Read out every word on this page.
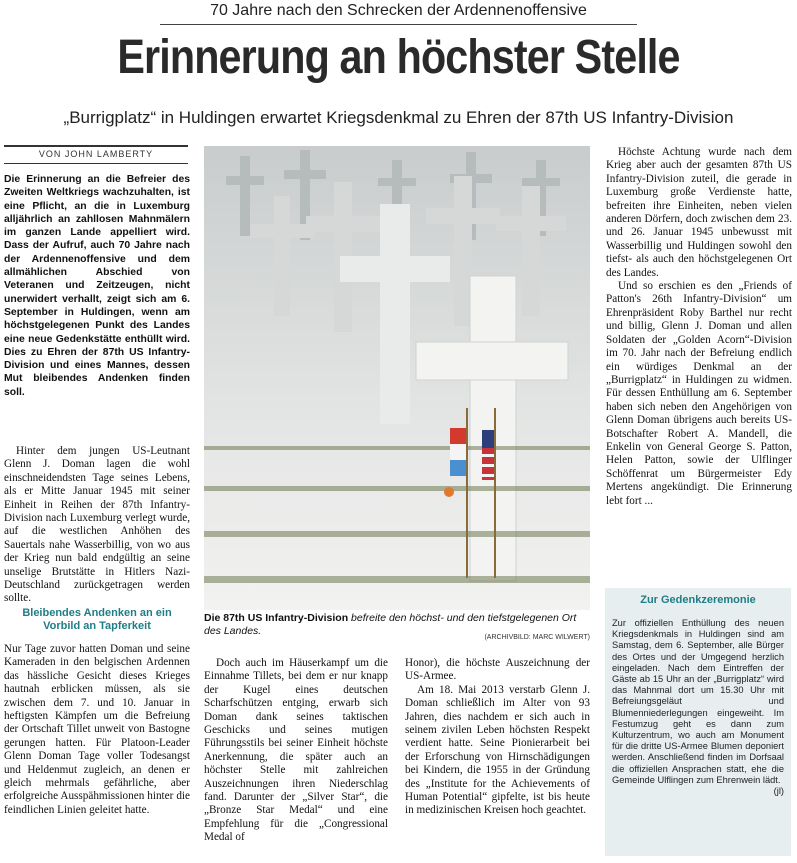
70 Jahre nach den Schrecken der Ardennenoffensive
Erinnerung an höchster Stelle
„Burrigplatz“ in Huldingen erwartet Kriegsdenkmal zu Ehren der 87th US Infantry-Division
VON JOHN LAMBERTY
Die Erinnerung an die Befreier des Zweiten Weltkriegs wachzuhalten, ist eine Pflicht, an die in Luxemburg alljährlich an zahllosen Mahnmälern im ganzen Lande appelliert wird. Dass der Aufruf, auch 70 Jahre nach der Ardennenoffensive und dem allmählichen Abschied von Veteranen und Zeitzeugen, nicht unerwidert verhallt, zeigt sich am 6. September in Huldingen, wenn am höchstgelegenen Punkt des Landes eine neue Gedenkstätte enthüllt wird. Dies zu Ehren der 87th US Infantry-Division und eines Mannes, dessen Mut bleibendes Andenken finden soll.

Hinter dem jungen US-Leutnant Glenn J. Doman lagen die wohl einschneidendsten Tage seines Lebens, als er Mitte Januar 1945 mit seiner Einheit in Reihen der 87th Infantry-Division nach Luxemburg verlegt wurde, auf die westlichen Anhöhen des Sauertals nahe Wasserbillig, von wo aus der Krieg nun bald endgültig an seine unselige Brutstätte in Hitlers Nazi-Deutschland zurückgetragen werden sollte.

Bleibendes Andenken an ein Vorbild an Tapferkeit

Nur Tage zuvor hatten Doman und seine Kameraden in den belgischen Ardennen das hässliche Gesicht dieses Krieges hautnah erblicken müssen, als sie zwischen dem 7. und 10. Januar in heftigsten Kämpfen um die Befreiung der Ortschaft Tillet unweit von Bastogne gerungen hatten. Für Platoon-Leader Glenn Doman Tage voller Todesangst und Heldenmut zugleich, an denen er gleich mehrmals gefährliche, aber erfolgreiche Ausspähmissionen hinter die feindlichen Linien geleitet hatte.

Die 87th US Infantry-Division befreite den höchst- und den tiefstgelegenen Ort des Landes.
(ARCHIVBILD: MARC WILWERT)

Doch auch im Häuserkampf um die Einnahme Tillets, bei dem er nur knapp der Kugel eines deutschen Scharfschützen entging, erwarb sich Doman dank seines taktischen Geschicks und seines mutigen Führungsstils bei seiner Einheit höchste Anerkennung, die später auch an höchster Stelle mit zahlreichen Auszeichnungen ihren Niederschlag fand. Darunter der „Silver Star“, die „Bronze Star Medal“ und eine Empfehlung für die „Congressional Medal of

Honor), die höchste Auszeichnung der US-Armee.

Am 18. Mai 2013 verstarb Glenn J. Doman schließlich im Alter von 93 Jahren, dies nachdem er sich auch in seinem zivilen Leben höchsten Respekt verdient hatte. Seine Pionierarbeit bei der Erforschung von Hirnschädigungen bei Kindern, die 1955 in der Gründung des „Institute for the Achievements of Human Potential“ gipfelte, ist bis heute in medizinischen Kreisen hoch geachtet.

Höchste Achtung wurde nach dem Krieg aber auch der gesamten 87th US Infantry-Division zuteil, die gerade in Luxemburg große Verdienste hatte, befreiten ihre Einheiten, neben vielen anderen Dörfern, doch zwischen dem 23. und 26. Januar 1945 unbewusst mit Wasserbillig und Huldingen sowohl den tiefst- als auch den höchstgelegenen Ort des Landes.

Und so erschien es den „Friends of Patton's 26th Infantry-Division“ um Ehrenpräsident Roby Barthel nur recht und billig, Glenn J. Doman und allen Soldaten der „Golden Acorn“-Division im 70. Jahr nach der Befreiung endlich ein würdiges Denkmal an der „Burrigplatz“ in Huldingen zu widmen. Für dessen Enthüllung am 6. September haben sich neben den Angehörigen von Glenn Doman übrigens auch bereits US-Botschafter Robert A. Mandell, die Enkelin von General George S. Patton, Helen Patton, sowie der Ulflinger Schöffenrat um Bürgermeister Edy Mertens angekündigt. Die Erinnerung lebt fort ...

Zur Gedenkzeremonie
Zur offiziellen Enthüllung des neuen Kriegsdenkmals in Huldingen sind am Samstag, dem 6. September, alle Bürger des Ortes und der Umgegend herzlich eingeladen. Nach dem Eintreffen der Gäste ab 15 Uhr an der „Burrigplatz“ wird das Mahnmal dort um 15.30 Uhr mit Befreiungsgeläut und Blumenniederlegungen eingeweiht. Im Festumzug geht es dann zum Kulturzentrum, wo auch am Monument für die dritte US-Armee Blumen deponiert werden. Anschließend finden im Dorfsaal die offiziellen Ansprachen statt, ehe die Gemeinde Ulflingen zum Ehrenwein lädt.
(jl)
